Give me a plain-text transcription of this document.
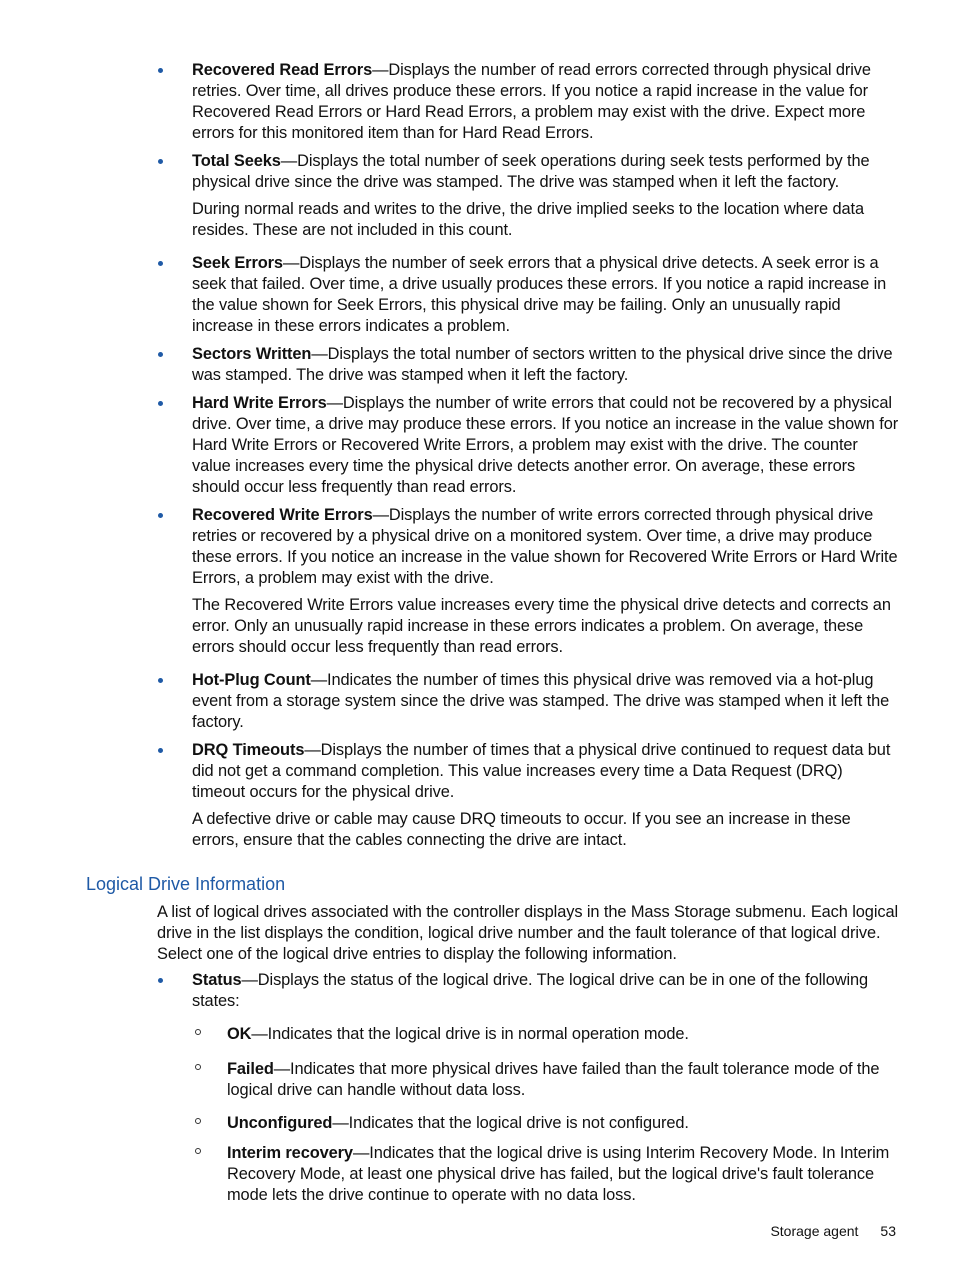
Recovered Read Errors—Displays the number of read errors corrected through physical drive retries. Over time, all drives produce these errors. If you notice a rapid increase in the value for Recovered Read Errors or Hard Read Errors, a problem may exist with the drive. Expect more errors for this monitored item than for Hard Read Errors.

Total Seeks—Displays the total number of seek operations during seek tests performed by the physical drive since the drive was stamped. The drive was stamped when it left the factory.

During normal reads and writes to the drive, the drive implied seeks to the location where data resides. These are not included in this count.

Seek Errors—Displays the number of seek errors that a physical drive detects. A seek error is a seek that failed. Over time, a drive usually produces these errors. If you notice a rapid increase in the value shown for Seek Errors, this physical drive may be failing. Only an unusually rapid increase in these errors indicates a problem.

Sectors Written—Displays the total number of sectors written to the physical drive since the drive was stamped. The drive was stamped when it left the factory.

Hard Write Errors—Displays the number of write errors that could not be recovered by a physical drive. Over time, a drive may produce these errors. If you notice an increase in the value shown for Hard Write Errors or Recovered Write Errors, a problem may exist with the drive. The counter value increases every time the physical drive detects another error. On average, these errors should occur less frequently than read errors.

Recovered Write Errors—Displays the number of write errors corrected through physical drive retries or recovered by a physical drive on a monitored system. Over time, a drive may produce these errors. If you notice an increase in the value shown for Recovered Write Errors or Hard Write Errors, a problem may exist with the drive.

The Recovered Write Errors value increases every time the physical drive detects and corrects an error. Only an unusually rapid increase in these errors indicates a problem. On average, these errors should occur less frequently than read errors.

Hot-Plug Count—Indicates the number of times this physical drive was removed via a hot-plug event from a storage system since the drive was stamped. The drive was stamped when it left the factory.

DRQ Timeouts—Displays the number of times that a physical drive continued to request data but did not get a command completion. This value increases every time a Data Request (DRQ) timeout occurs for the physical drive.

A defective drive or cable may cause DRQ timeouts to occur. If you see an increase in these errors, ensure that the cables connecting the drive are intact.

Logical Drive Information

A list of logical drives associated with the controller displays in the Mass Storage submenu. Each logical drive in the list displays the condition, logical drive number and the fault tolerance of that logical drive. Select one of the logical drive entries to display the following information.

Status—Displays the status of the logical drive. The logical drive can be in one of the following states:

OK—Indicates that the logical drive is in normal operation mode.
Failed—Indicates that more physical drives have failed than the fault tolerance mode of the logical drive can handle without data loss.
Unconfigured—Indicates that the logical drive is not configured.
Interim recovery—Indicates that the logical drive is using Interim Recovery Mode. In Interim Recovery Mode, at least one physical drive has failed, but the logical drive's fault tolerance mode lets the drive continue to operate with no data loss.
Storage agent 53
